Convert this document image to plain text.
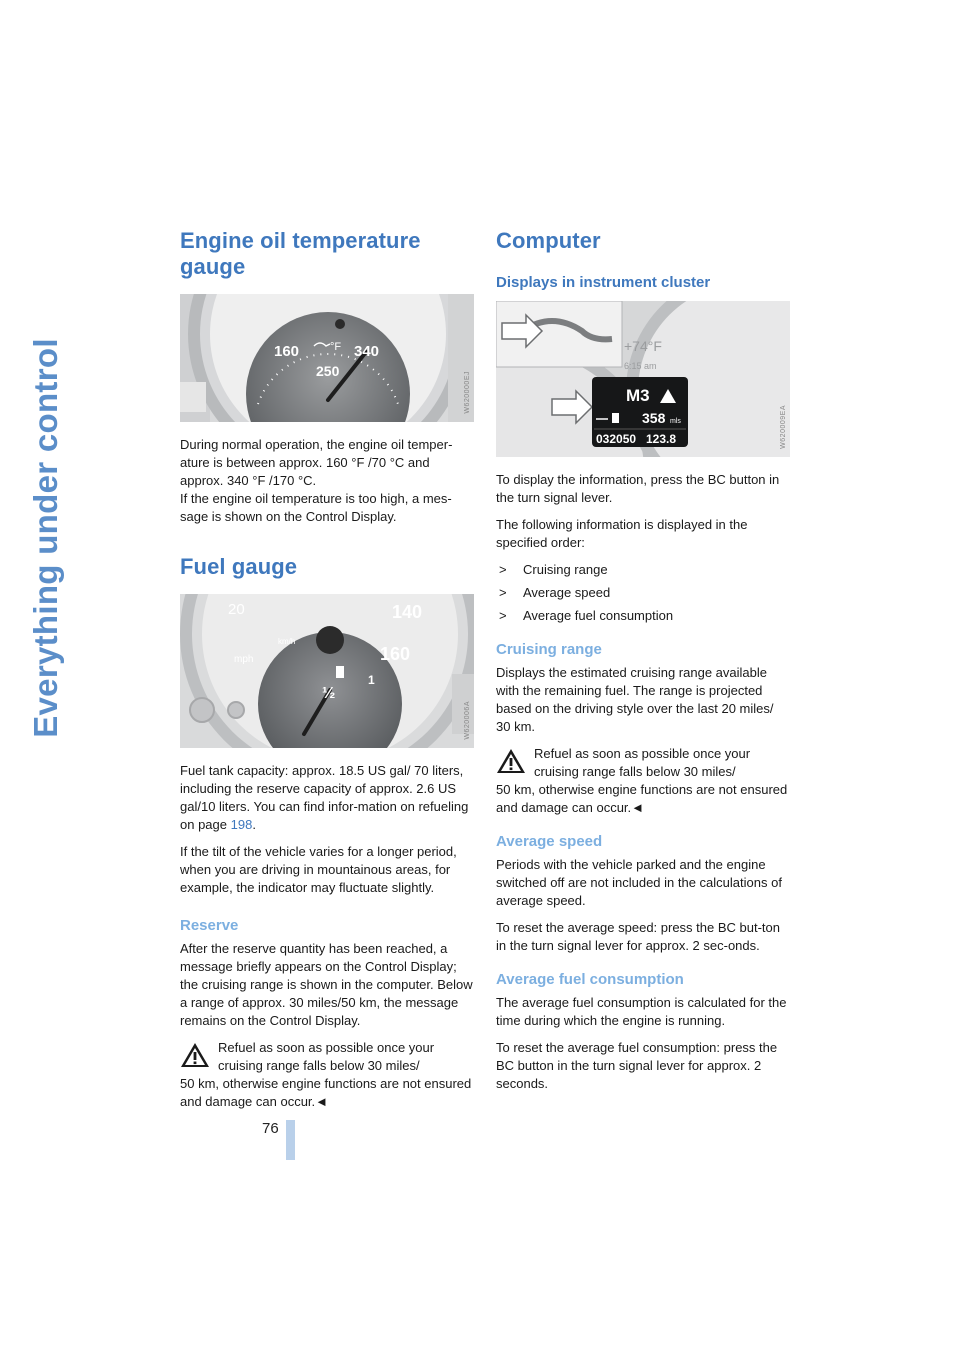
Everything under control
76
Engine oil temperature gauge
160	340
250
°F
W620000EJ

During normal operation, the engine oil temper-ature is between approx. 160 °F /70 °C and approx. 340 °F /170 °C.

If the engine oil temperature is too high, a mes-sage is shown on the Control Display.

Fuel gauge
20	140
160
mph
km/h
½
1
W620006A

Fuel tank capacity: approx. 18.5 US gal/ 70 liters, including the reserve capacity of approx. 2.6 US gal/10 liters. You can find infor-mation on refueling on page 198.

If the tilt of the vehicle varies for a longer period, when you are driving in mountainous areas, for example, the indicator may fluctuate slightly.

Reserve

After the reserve quantity has been reached, a message briefly appears on the Control Display; the cruising range is shown in the computer. Below a range of approx. 30 miles/50 km, the message remains on the Control Display.

Refuel as soon as possible once your

cruising range falls below 30 miles/

50 km, otherwise engine functions are not ensured and damage can occur.◄

Computer
Displays in instrument cluster
+74°F
6:15 am
M3
358 mls
032050 123.8	W620009EA

To display the information, press the BC button in the turn signal lever.

The following information is displayed in the specified order:

>	Cruising range
>	Average speed
>	Average fuel consumption
Cruising range

Displays the estimated cruising range available with the remaining fuel. The range is projected based on the driving style over the last 20 miles/ 30 km.

Refuel as soon as possible once your

cruising range falls below 30 miles/

50 km, otherwise engine functions are not ensured and damage can occur.◄

Average speed

Periods with the vehicle parked and the engine switched off are not included in the calculations of average speed.

To reset the average speed: press the BC but-ton in the turn signal lever for approx. 2 sec-onds.

Average fuel consumption

The average fuel consumption is calculated for the time during which the engine is running.

To reset the average fuel consumption: press the BC button in the turn signal lever for approx. 2 seconds.
